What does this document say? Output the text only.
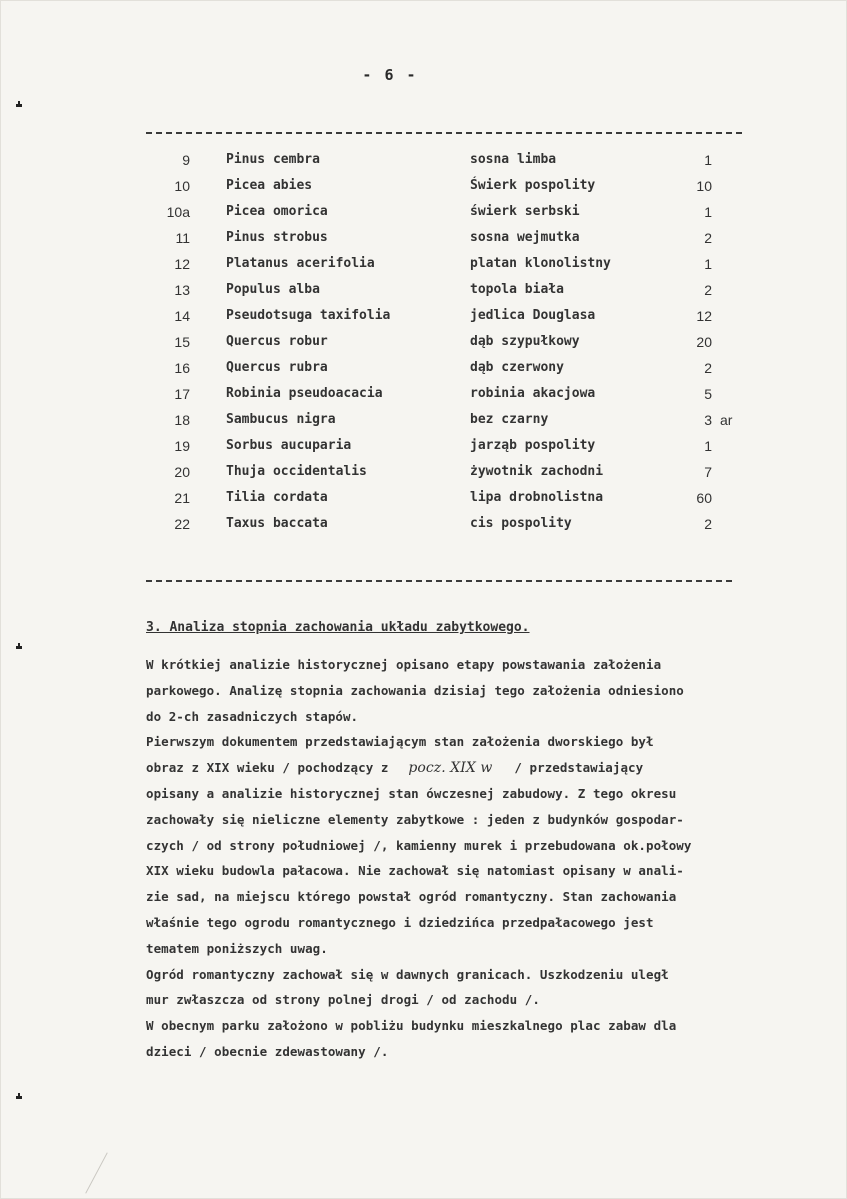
- 6 -
9	Pinus cembra	sosna limba	1
10	Picea abies	Świerk pospolity	10
10a	Picea omorica	świerk serbski	1
11	Pinus strobus	sosna wejmutka	2
12	Platanus acerifolia	platan klonolistny	1
13	Populus alba	topola biała	2
14	Pseudotsuga taxifolia	jedlica Douglasa	12
15	Quercus robur	dąb szypułkowy	20
16	Quercus rubra	dąb czerwony	2
17	Robinia pseudoacacia	robinia akacjowa	5
18	Sambucus nigra	bez czarny	3 ar
19	Sorbus aucuparia	jarząb pospolity	1
20	Thuja occidentalis	żywotnik zachodni	7
21	Tilia cordata	lipa drobnolistna	60
22	Taxus baccata	cis pospolity	2
3. Analiza stopnia zachowania układu zabytkowego.
W krótkiej analizie historycznej opisano etapy powstawania założenia
parkowego. Analizę stopnia zachowania dzisiaj tego założenia odniesiono
do 2-ch zasadniczych stapów.
Pierwszym dokumentem przedstawiającym stan założenia dworskiego był
obraz z XIX wieku / pochodzący z pocz. XIX w / przedstawiający
opisany a analizie historycznej stan ówczesnej zabudowy. Z tego okresu
zachowały się nieliczne elementy zabytkowe : jeden z budynków gospodar-
czych / od strony południowej /, kamienny murek i przebudowana ok.połowy
XIX wieku budowla pałacowa. Nie zachował się natomiast opisany w anali-
zie sad, na miejscu którego powstał ogród romantyczny. Stan zachowania
właśnie tego ogrodu romantycznego i dziedzińca przedpałacowego jest
tematem poniższych uwag.
Ogród romantyczny zachował się w dawnych granicach. Uszkodzeniu uległ
mur zwłaszcza od strony polnej drogi / od zachodu /.
W obecnym parku założono w pobliżu budynku mieszkalnego plac zabaw dla
dzieci / obecnie zdewastowany /.
